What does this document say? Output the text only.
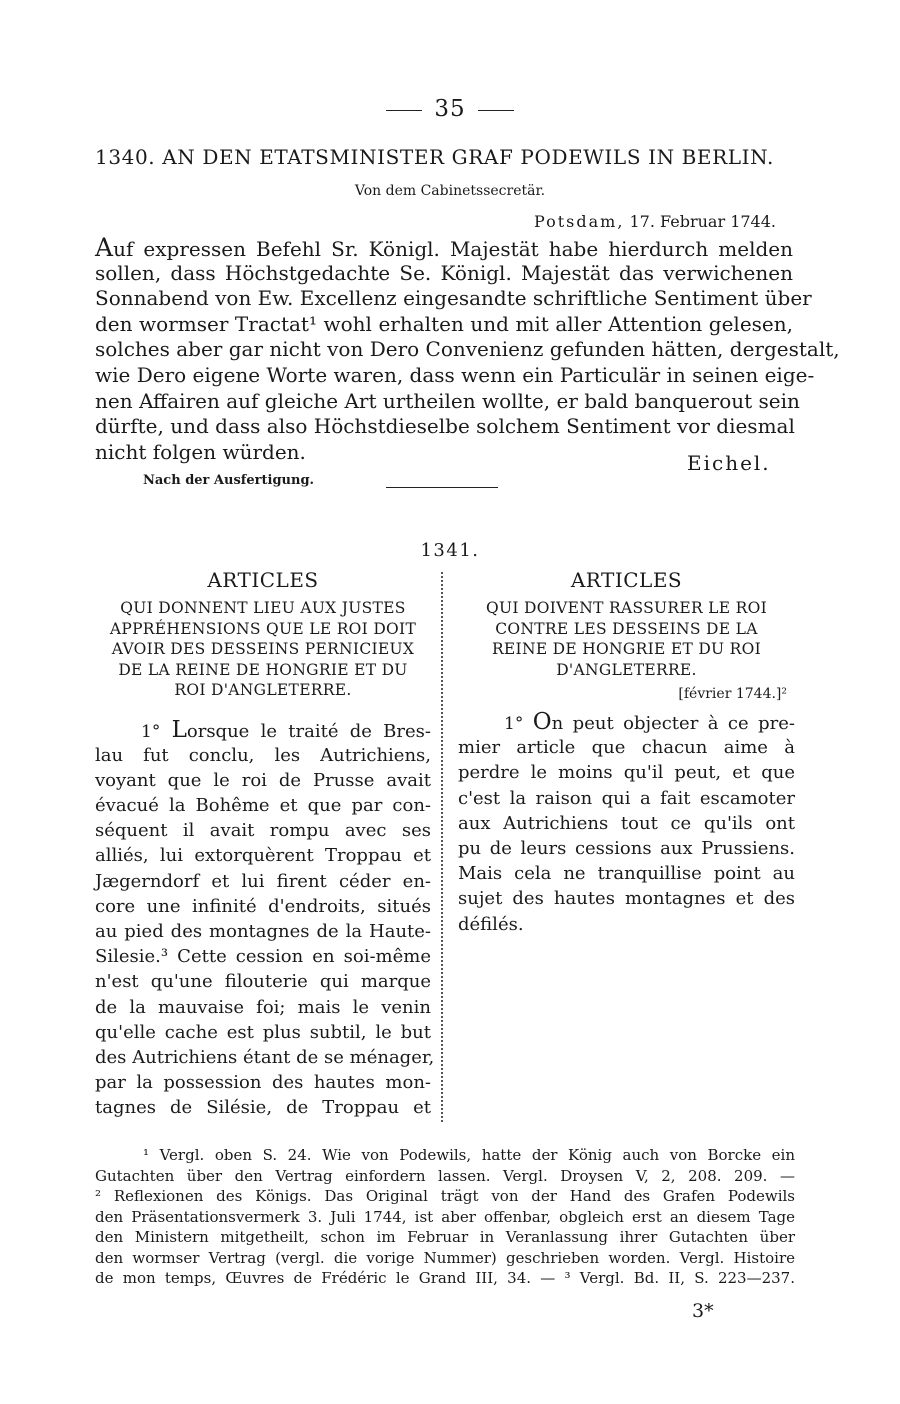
35
1340. AN DEN ETATSMINISTER GRAF PODEWILS IN BERLIN.
Von dem Cabinetssecretär.
Potsdam, 17. Februar 1744.
Auf expressen Befehl Sr. Königl. Majestät habe hierdurch melden
sollen, dass Höchstgedachte Se. Königl. Majestät das verwichenen
Sonnabend von Ew. Excellenz eingesandte schriftliche Sentiment über
den wormser Tractat¹ wohl erhalten und mit aller Attention gelesen,
solches aber gar nicht von Dero Convenienz gefunden hätten, dergestalt,
wie Dero eigene Worte waren, dass wenn ein Particulär in seinen eige-
nen Affairen auf gleiche Art urtheilen wollte, er bald banquerout sein
dürfte, und dass also Höchstdieselbe solchem Sentiment vor diesmal
nicht folgen würden.	Eichel.
Nach der Ausfertigung.
1341.
ARTICLES
QUI DONNENT LIEU AUX JUSTES
APPRÉHENSIONS QUE LE ROI DOIT
AVOIR DES DESSEINS PERNICIEUX
DE LA REINE DE HONGRIE ET DU
ROI D'ANGLETERRE.
1° Lorsque le traité de Bres-
lau fut conclu, les Autrichiens,
voyant que le roi de Prusse avait
évacué la Bohême et que par con-
séquent il avait rompu avec ses
alliés, lui extorquèrent Troppau et
Jægerndorf et lui firent céder en-
core une infinité d'endroits, situés
au pied des montagnes de la Haute-
Silesie.³ Cette cession en soi-même
n'est qu'une filouterie qui marque
de la mauvaise foi; mais le venin
qu'elle cache est plus subtil, le but
des Autrichiens étant de se ménager,
par la possession des hautes mon-
tagnes de Silésie, de Troppau et
ARTICLES
QUI DOIVENT RASSURER LE ROI
CONTRE LES DESSEINS DE LA
REINE DE HONGRIE ET DU ROI
D'ANGLETERRE.
[février 1744.]²
1° On peut objecter à ce pre-
mier article que chacun aime à
perdre le moins qu'il peut, et que
c'est la raison qui a fait escamoter
aux Autrichiens tout ce qu'ils ont
pu de leurs cessions aux Prussiens.
Mais cela ne tranquillise point au
sujet des hautes montagnes et des
défilés.
¹ Vergl. oben S. 24. Wie von Podewils, hatte der König auch von Borcke ein
Gutachten über den Vertrag einfordern lassen. Vergl. Droysen V, 2, 208. 209. —
² Reflexionen des Königs. Das Original trägt von der Hand des Grafen Podewils
den Präsentationsvermerk 3. Juli 1744, ist aber offenbar, obgleich erst an diesem Tage
den Ministern mitgetheilt, schon im Februar in Veranlassung ihrer Gutachten über
den wormser Vertrag (vergl. die vorige Nummer) geschrieben worden. Vergl. Histoire
de mon temps, Œuvres de Frédéric le Grand III, 34. — ³ Vergl. Bd. II, S. 223—237.
3*
